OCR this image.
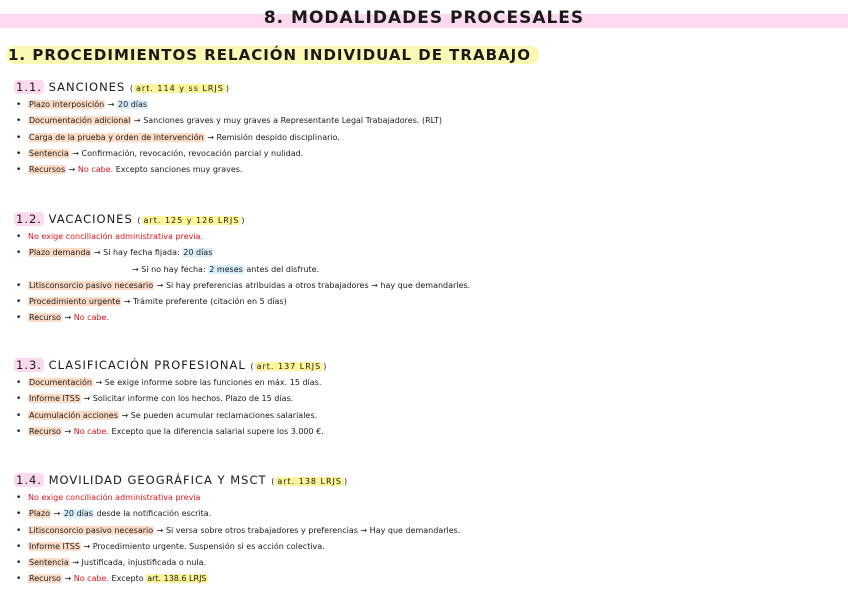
8. MODALIDADES PROCESALES
1. PROCEDIMIENTOS RELACIÓN INDIVIDUAL DE TRABAJO
1.1. SANCIONES ( art. 114 y ss LRJS )
• Plazo interposición → 20 días
• Documentación adicional → Sanciones graves y muy graves a Representante Legal Trabajadores. (RLT)
• Carga de la prueba y orden de intervención → Remisión despido disciplinario.
• Sentencia → Confirmación, revocación, revocación parcial y nulidad.
• Recursos → No cabe. Excepto sanciones muy graves.
1.2. VACACIONES ( art. 125 y 126 LRJS )
• No exige conciliación administrativa previa.
• Plazo demanda → Si hay fecha fijada: 20 días
→ Si no hay fecha: 2 meses antes del disfrute.
• Litisconsorcio pasivo necesario → Si hay preferencias atribuidas a otros trabajadores → hay que demandarles.
• Procedimiento urgente → Trámite preferente (citación en 5 días)
• Recurso → No cabe.
1.3. CLASIFICACIÓN PROFESIONAL ( art. 137 LRJS )
• Documentación → Se exige informe sobre las funciones en máx. 15 días.
• Informe ITSS → Solicitar informe con los hechos. Plazo de 15 días.
• Acumulación acciones → Se pueden acumular reclamaciones salariales.
• Recurso → No cabe. Excepto que la diferencia salarial supere los 3.000 €.
1.4. MOVILIDAD GEOGRÁFICA Y MSCT ( art. 138 LRJS )
• No exige conciliación administrativa previa
• Plazo → 20 días desde la notificación escrita.
• Litisconsorcio pasivo necesario → Si versa sobre otros trabajadores y preferencias → Hay que demandarles.
• Informe ITSS → Procedimiento urgente. Suspensión si es acción colectiva.
• Sentencia → Justificada, injustificada o nula.
• Recurso → No cabe. Excepto art. 138.6 LRJS
